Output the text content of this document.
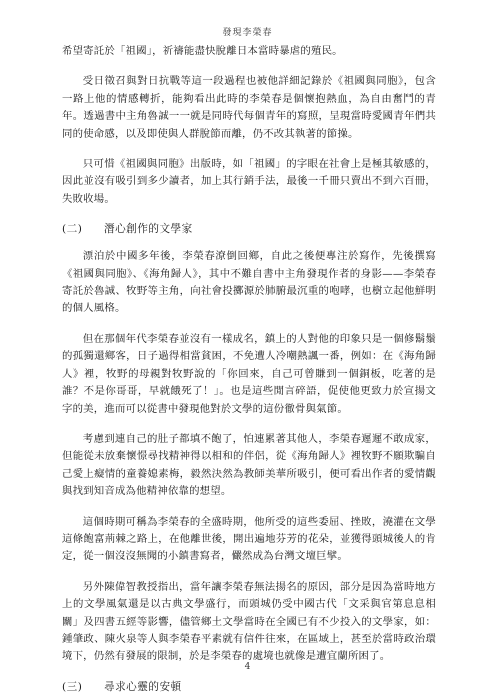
發現李榮春

希望寄託於「祖國」，祈禱能盡快脫離日本當時暴虐的殖民。

受日徵召與對日抗戰等這一段過程也被他詳細記錄於《祖國與同胞》，包含一路上他的情感轉折，能夠看出此時的李榮春是個懷抱熱血，為自由奮鬥的青年。透過書中主角魯誠一一就是同時代每個青年的寫照，呈現當時愛國青年們共同的使命感，以及即使與人群脫節而離，仍不改其執著的節操。

只可惜《祖國與同胞》出版時，如「祖國」的字眼在社會上是極其敏感的，因此並沒有吸引到多少讀者，加上其行銷手法，最後一千冊只賣出不到六百冊，失敗收場。

(二) 潛心創作的文學家

漂泊於中國多年後，李榮春潦倒回鄉，自此之後便專注於寫作，先後撰寫《祖國與同胞》、《海角歸人》，其中不難自書中主角發現作者的身影——李榮春寄託於魯誠、牧野等主角，向社會投擲源於肺腑最沉重的咆哮，也樹立起他鮮明的個人風格。

但在那個年代李榮春並沒有一樣成名，鎮上的人對他的印象只是一個修鬍鬚的孤獨還鄉客，日子過得相當貧困，不免遭人冷嘲熱諷一番，例如：在《海角歸人》裡，牧野的母親對牧野說的「你回來，自己可曾賺到一個銅板，吃著的是誰？不是你哥哥，早就餓死了！」。也是這些閒言碎語，促使他更致力於宣揚文字的美，進而可以從書中發現他對於文學的這份徹骨與氣節。

考慮到連自己的肚子都填不飽了，怕連累著其他人，李榮春遲遲不敢成家，但能從未放棄懷憬尋找精神得以相和的伴侶，從《海角歸人》裡牧野不願欺騙自己愛上癡情的童養媳素梅，毅然決然為教師美華所吸引，便可看出作者的愛情觀與找到知音成為他精神依靠的想望。

這個時期可稱為李榮春的全盛時期，他所受的這些委屈、挫敗，澆灌在文學這條飽富荊棘之路上，在他離世後，開出遍地芬芳的花朵，並獲得頭城後人的肯定，從一個沒沒無聞的小鎮書寫者，儼然成為台灣文壇巨擘。

另外陳偉智教授指出，當年讓李榮春無法揚名的原因，部分是因為當時地方上的文學風氣還是以古典文學盛行，而頭城仍受中國古代「文采與官第息息相關」及四書五經等影響，儘管鄉土文學當時在全國已有不少投入的文學家，如：鍾肇政、陳火泉等人與李榮春平素就有信件往來，在區域上，甚至於當時政治環境下，仍然有發展的限制，於是李榮春的處境也就像是遭宜蘭所困了。

(三) 尋求心靈的安頓

4
